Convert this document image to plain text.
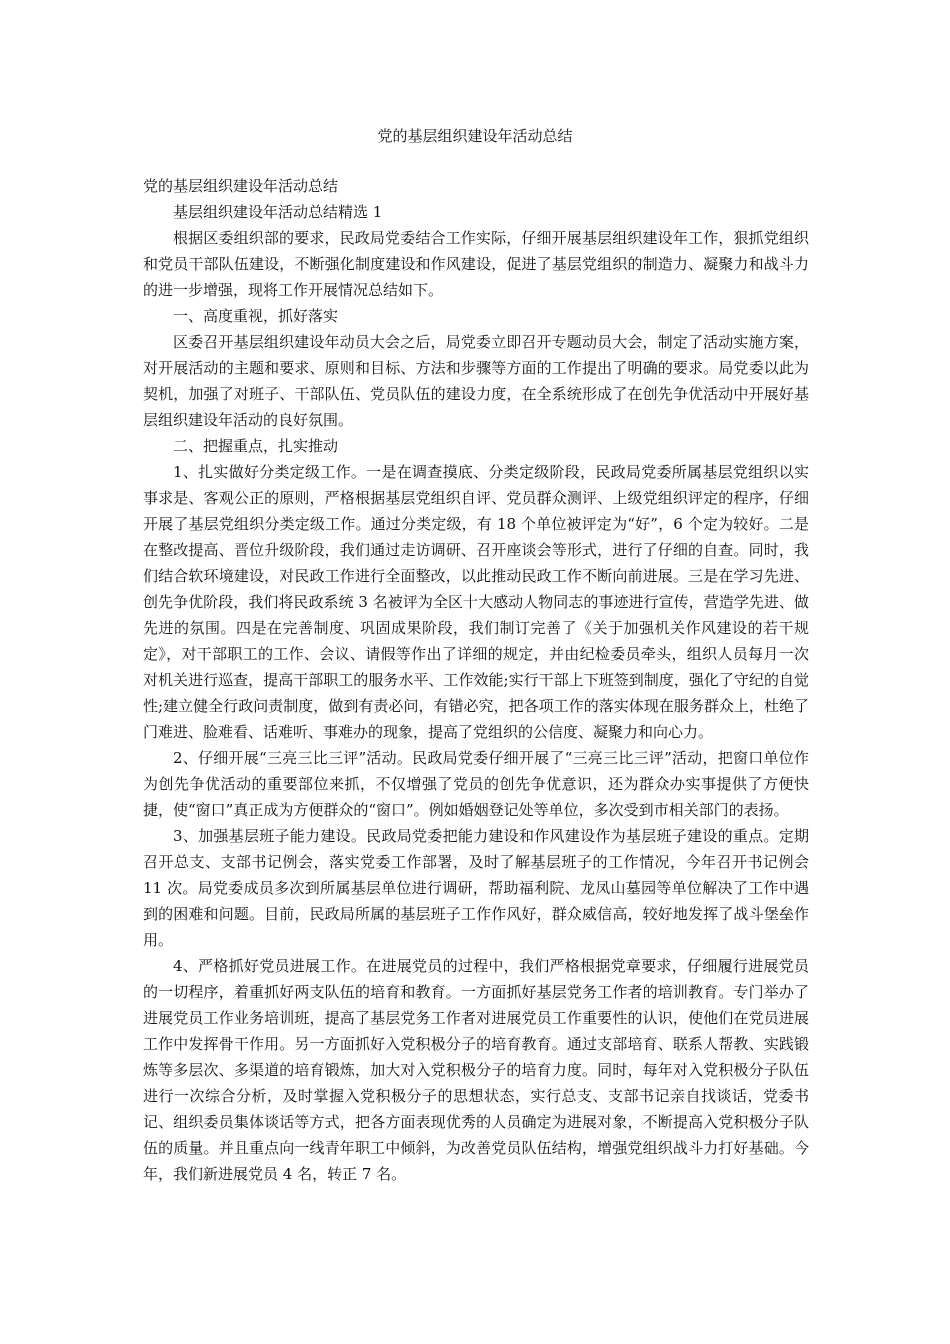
党的基层组织建设年活动总结

党的基层组织建设年活动总结

基层组织建设年活动总结精选 1

根据区委组织部的要求，民政局党委结合工作实际，仔细开展基层组织建设年工作，狠抓党组织和党员干部队伍建设，不断强化制度建设和作风建设，促进了基层党组织的制造力、凝聚力和战斗力的进一步增强，现将工作开展情况总结如下。

一、高度重视，抓好落实

区委召开基层组织建设年动员大会之后，局党委立即召开专题动员大会，制定了活动实施方案，对开展活动的主题和要求、原则和目标、方法和步骤等方面的工作提出了明确的要求。局党委以此为契机，加强了对班子、干部队伍、党员队伍的建设力度，在全系统形成了在创先争优活动中开展好基层组织建设年活动的良好氛围。

二、把握重点，扎实推动

1、扎实做好分类定级工作。一是在调查摸底、分类定级阶段，民政局党委所属基层党组织以实事求是、客观公正的原则，严格根据基层党组织自评、党员群众测评、上级党组织评定的程序，仔细开展了基层党组织分类定级工作。通过分类定级，有 18 个单位被评定为“好”，6 个定为较好。二是在整改提高、晋位升级阶段，我们通过走访调研、召开座谈会等形式，进行了仔细的自查。同时，我们结合软环境建设，对民政工作进行全面整改，以此推动民政工作不断向前进展。三是在学习先进、创先争优阶段，我们将民政系统 3 名被评为全区十大感动人物同志的事迹进行宣传，营造学先进、做先进的氛围。四是在完善制度、巩固成果阶段，我们制订完善了《关于加强机关作风建设的若干规定》，对干部职工的工作、会议、请假等作出了详细的规定，并由纪检委员牵头，组织人员每月一次对机关进行巡查，提高干部职工的服务水平、工作效能;实行干部上下班签到制度，强化了守纪的自觉性;建立健全行政问责制度，做到有责必问，有错必究，把各项工作的落实体现在服务群众上，杜绝了门难进、脸难看、话难听、事难办的现象，提高了党组织的公信度、凝聚力和向心力。

2、仔细开展“三亮三比三评”活动。民政局党委仔细开展了“三亮三比三评”活动，把窗口单位作为创先争优活动的重要部位来抓，不仅增强了党员的创先争优意识，还为群众办实事提供了方便快捷，使“窗口”真正成为方便群众的“窗口”。例如婚姻登记处等单位，多次受到市相关部门的表扬。

3、加强基层班子能力建设。民政局党委把能力建设和作风建设作为基层班子建设的重点。定期召开总支、支部书记例会，落实党委工作部署，及时了解基层班子的工作情况，今年召开书记例会 11 次。局党委成员多次到所属基层单位进行调研，帮助福利院、龙凤山墓园等单位解决了工作中遇到的困难和问题。目前，民政局所属的基层班子工作作风好，群众威信高，较好地发挥了战斗堡垒作用。

4、严格抓好党员进展工作。在进展党员的过程中，我们严格根据党章要求，仔细履行进展党员的一切程序，着重抓好两支队伍的培育和教育。一方面抓好基层党务工作者的培训教育。专门举办了进展党员工作业务培训班，提高了基层党务工作者对进展党员工作重要性的认识，使他们在党员进展工作中发挥骨干作用。另一方面抓好入党积极分子的培育教育。通过支部培育、联系人帮教、实践锻炼等多层次、多渠道的培育锻炼，加大对入党积极分子的培育力度。同时，每年对入党积极分子队伍进行一次综合分析，及时掌握入党积极分子的思想状态，实行总支、支部书记亲自找谈话，党委书记、组织委员集体谈话等方式，把各方面表现优秀的人员确定为进展对象，不断提高入党积极分子队伍的质量。并且重点向一线青年职工中倾斜，为改善党员队伍结构，增强党组织战斗力打好基础。今年，我们新进展党员 4 名，转正 7 名。
